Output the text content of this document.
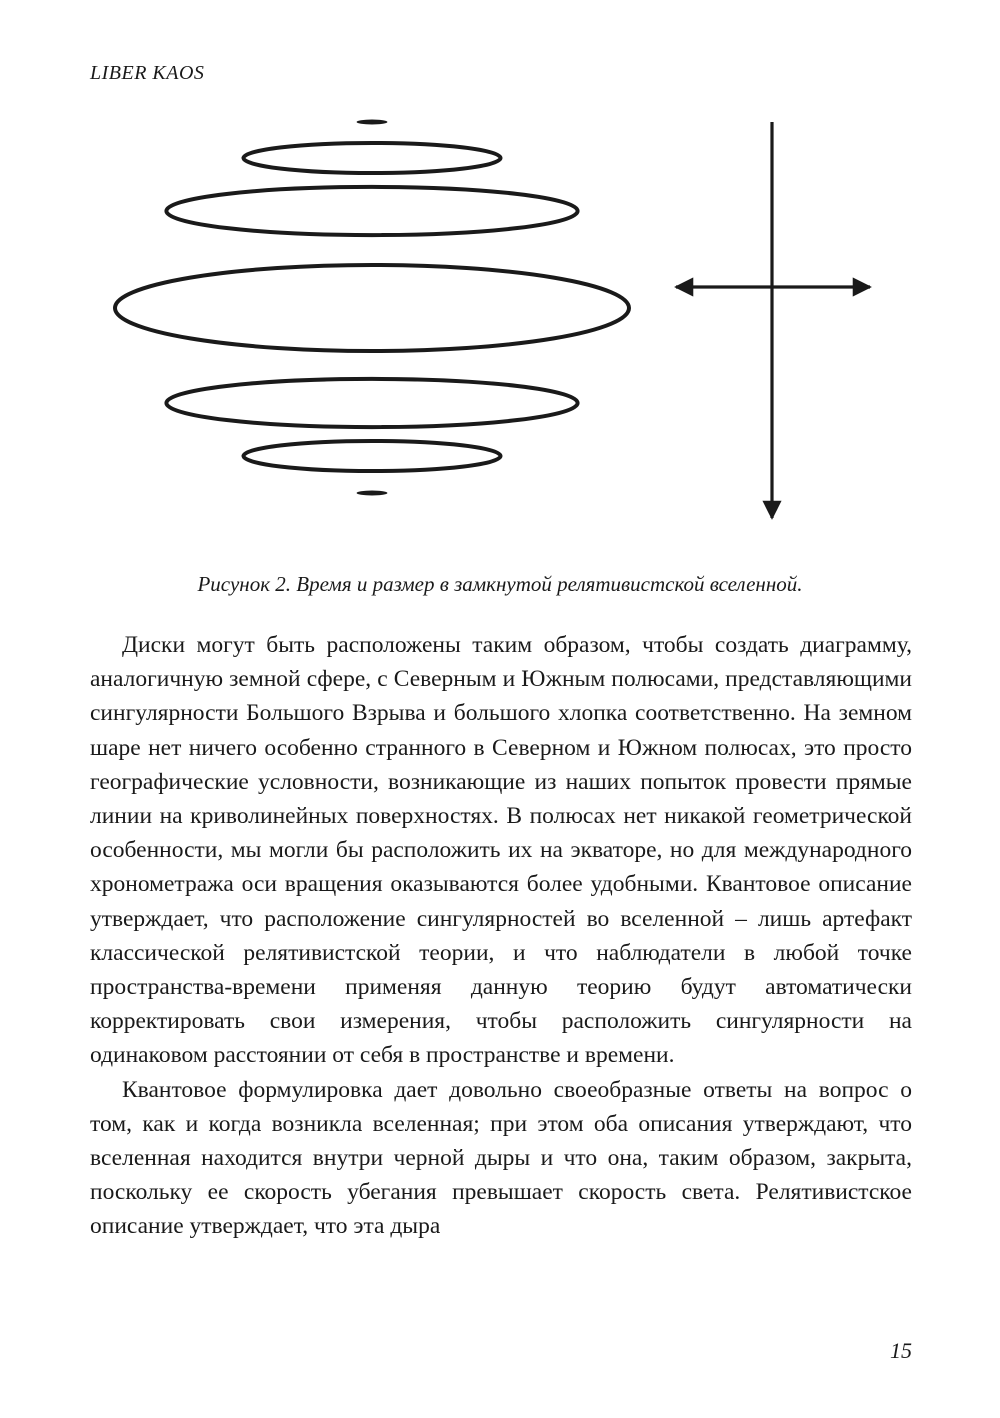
LIBER KAOS
Рисунок 2. Время и размер в замкнутой релятивистской вселенной.

Диски могут быть расположены таким образом, чтобы создать диаграмму, аналогичную земной сфере, с Северным и Южным полюсами, представляющими сингулярности Большого Взрыва и большого хлопка соответственно. На земном шаре нет ничего особенно странного в Северном и Южном полюсах, это просто географические условности, возникающие из наших попыток провести прямые линии на криволинейных поверхностях. В полюсах нет никакой геометрической особенности, мы могли бы расположить их на экваторе, но для международного хронометража оси вращения оказываются более удобными. Квантовое описание утверждает, что расположение сингулярностей во вселенной – лишь артефакт классической релятивистской теории, и что наблюдатели в любой точке пространства-времени применяя данную теорию будут автоматически корректировать свои измерения, чтобы расположить сингулярности на одинаковом расстоянии от себя в пространстве и времени.

Квантовое формулировка дает довольно своеобразные ответы на вопрос о том, как и когда возникла вселенная; при этом оба описания утверждают, что вселенная находится внутри черной дыры и что она, таким образом, закрыта, поскольку ее скорость убегания превышает скорость света. Релятивистское описание утверждает, что эта дыра

15
